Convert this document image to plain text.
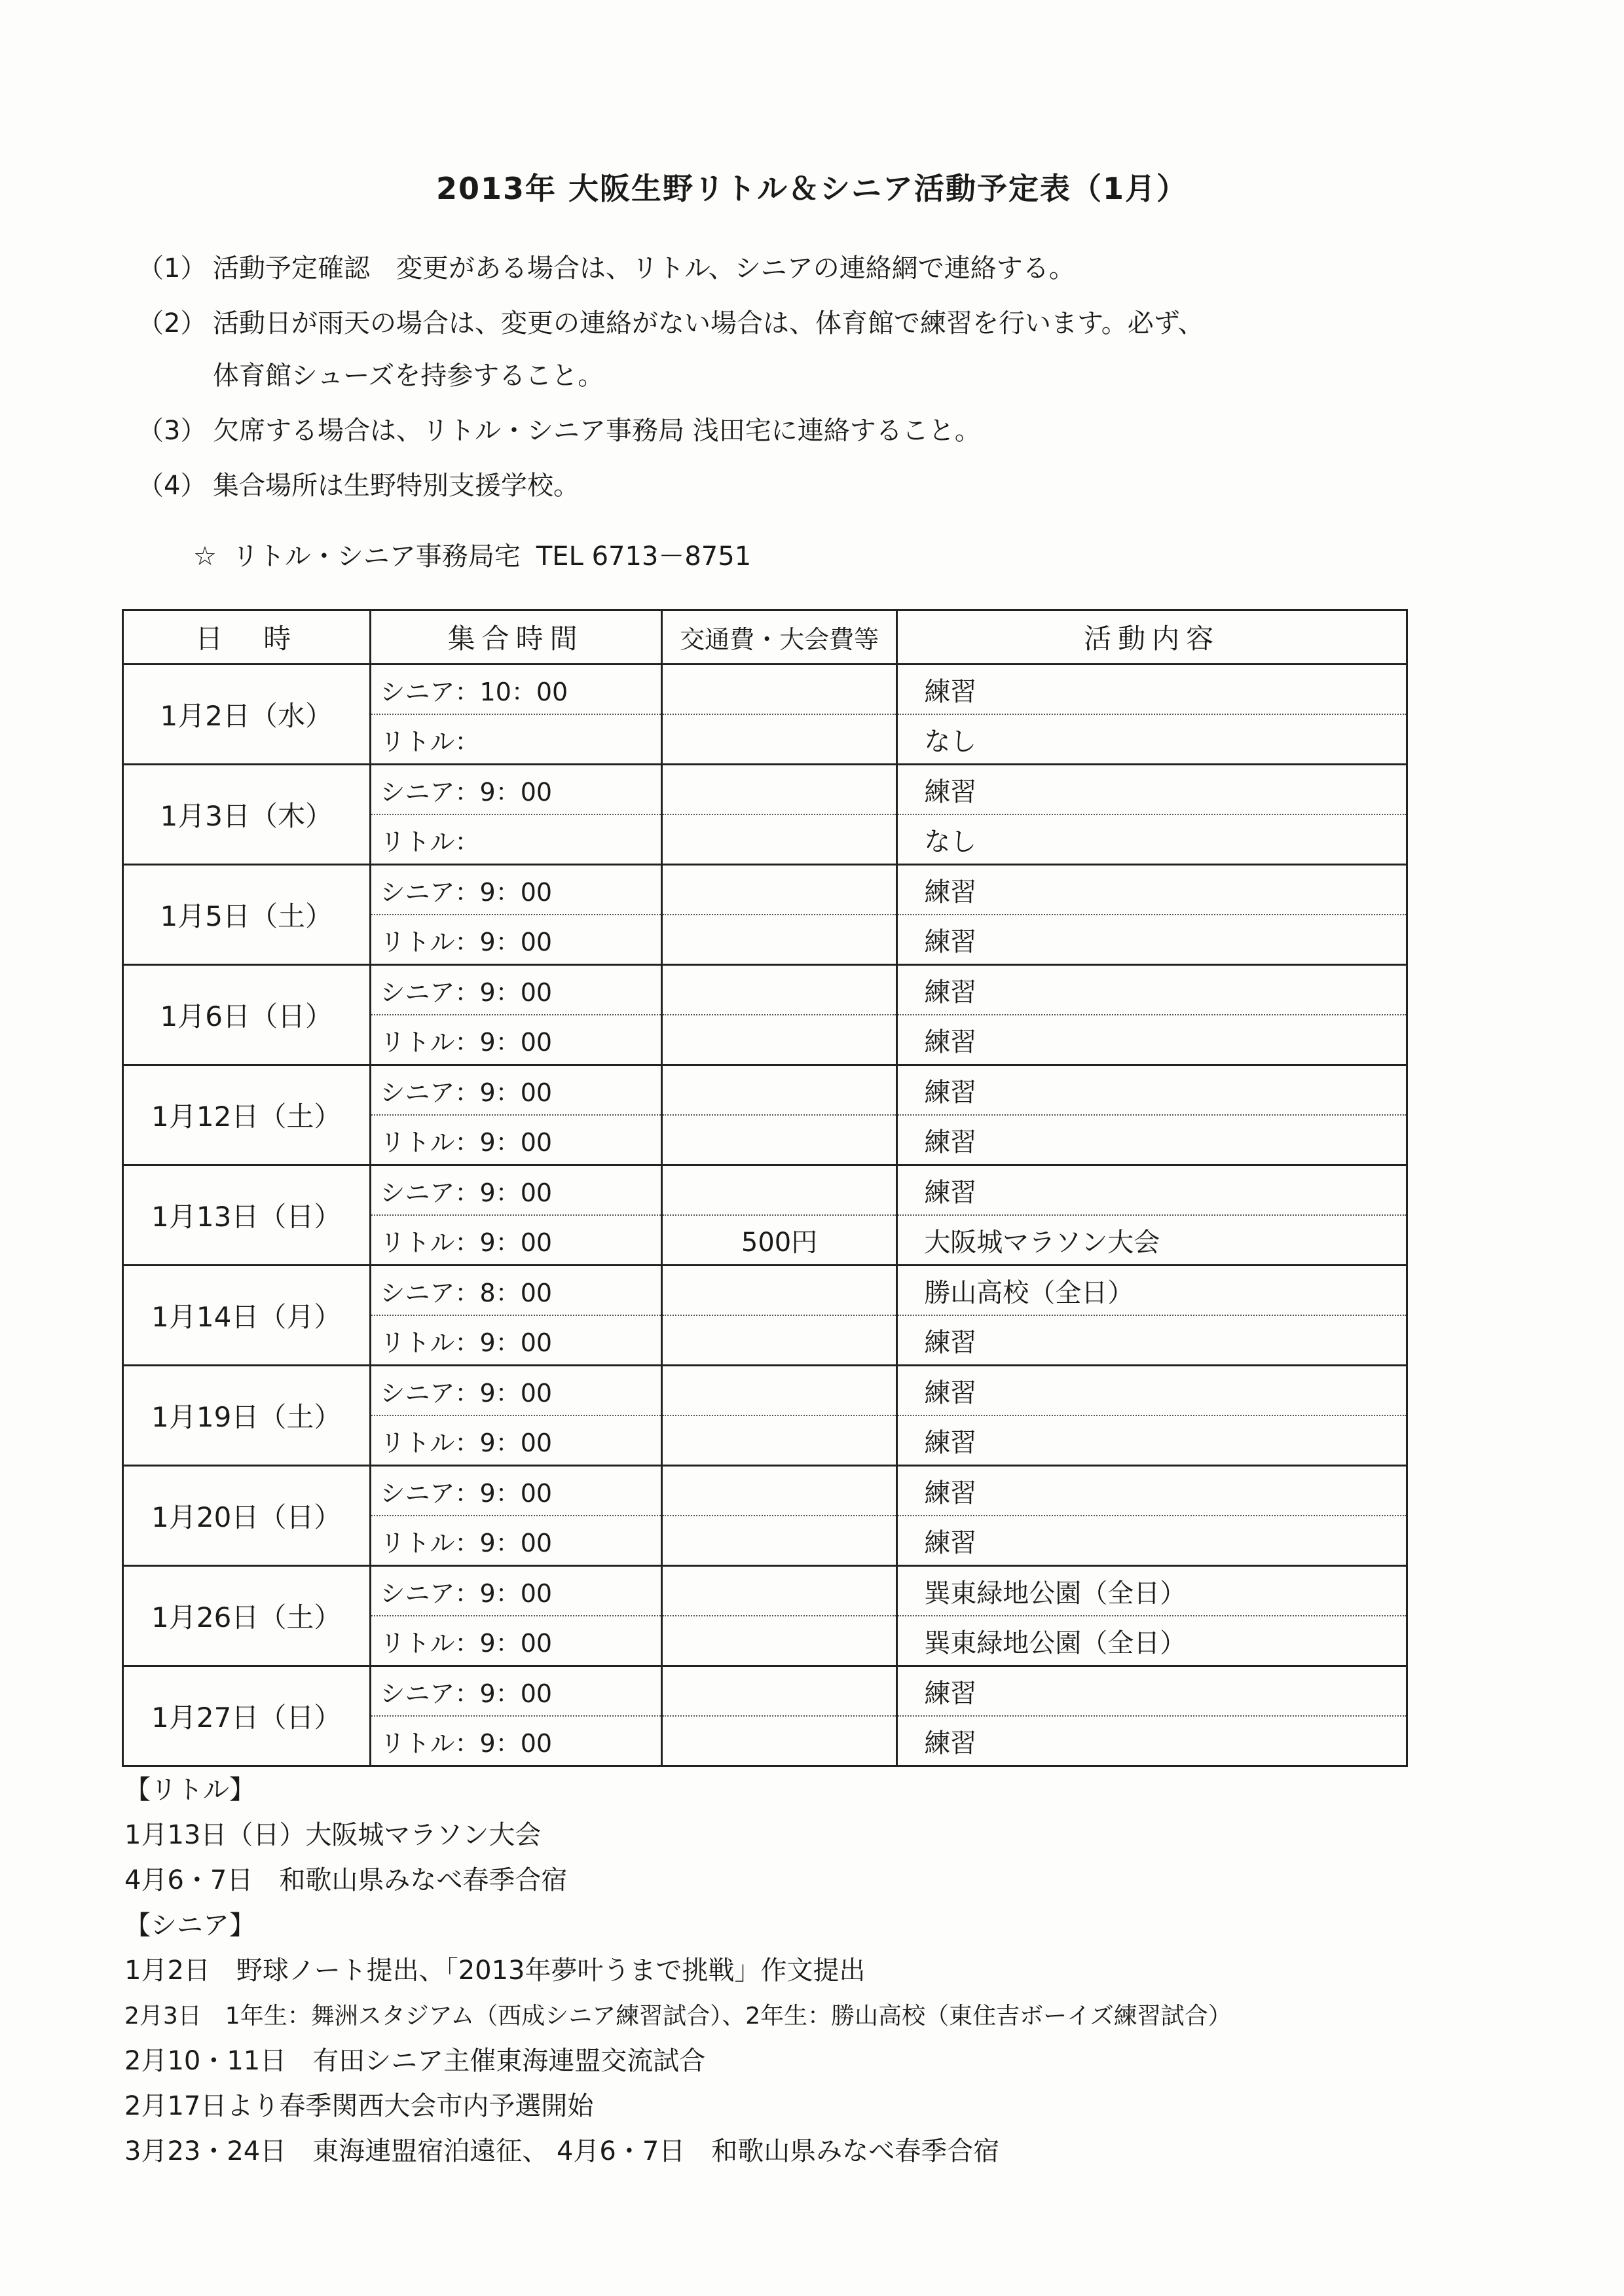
2013年 大阪生野リトル＆シニア活動予定表（1月）
（1） 活動予定確認　変更がある場合は、リトル、シニアの連絡網で連絡する。
（2） 活動日が雨天の場合は、変更の連絡がない場合は、体育館で練習を行います。必ず、
体育館シューズを持参すること。
（3） 欠席する場合は、リトル・シニア事務局 浅田宅に連絡すること。
（4） 集合場所は生野特別支援学校。
☆ リトル・シニア事務局宅 TEL 6713－8751
日　時	集合時間	交通費・大会費等	活動内容
1月2日（水）	シニア：10：00		練習
	リトル：		なし
1月3日（木）	シニア：9：00		練習
	リトル：		なし
1月5日（土）	シニア：9：00		練習
	リトル：9：00		練習
1月6日（日）	シニア：9：00		練習
	リトル：9：00		練習
1月12日（土）	シニア：9：00		練習
	リトル：9：00		練習
1月13日（日）	シニア：9：00		練習
	リトル：9：00	500円	大阪城マラソン大会
1月14日（月）	シニア：8：00		勝山高校（全日）
	リトル：9：00		練習
1月19日（土）	シニア：9：00		練習
	リトル：9：00		練習
1月20日（日）	シニア：9：00		練習
	リトル：9：00		練習
1月26日（土）	シニア：9：00		巽東緑地公園（全日）
	リトル：9：00		巽東緑地公園（全日）
1月27日（日）	シニア：9：00		練習
	リトル：9：00		練習
【リトル】
1月13日（日）大阪城マラソン大会
4月6・7日　和歌山県みなべ春季合宿
【シニア】
1月2日　野球ノート提出、「2013年夢叶うまで挑戦」作文提出
2月3日　1年生：舞洲スタジアム（西成シニア練習試合）、2年生：勝山高校（東住吉ボーイズ練習試合）
2月10・11日　有田シニア主催東海連盟交流試合
2月17日より春季関西大会市内予選開始
3月23・24日　東海連盟宿泊遠征、 4月6・7日　和歌山県みなべ春季合宿
